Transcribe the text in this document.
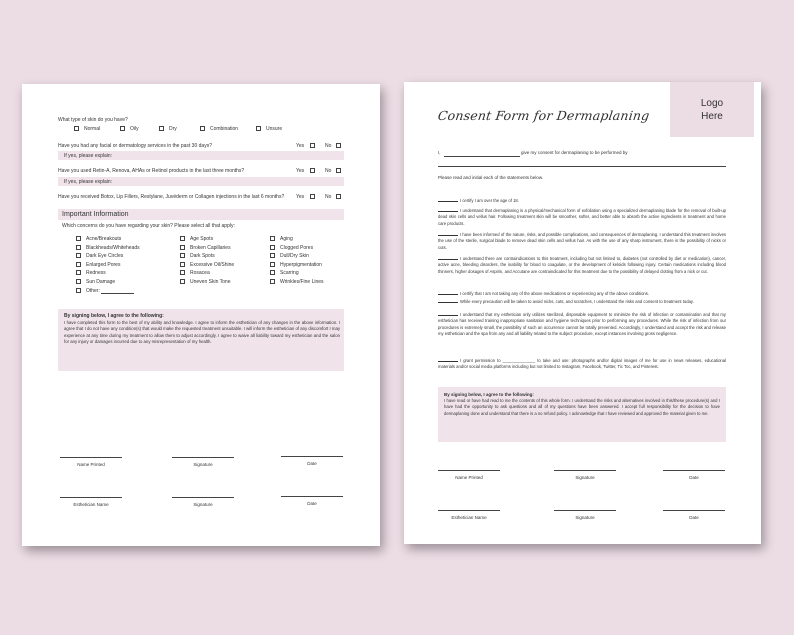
What type of skin do you have?
Normal	Oily	Dry	Combination	Unsure
Have you had any facial or dermatology services in the past 30 days?	Yes	No
If yes, please explain:
Have you used Retin-A, Renova, AHAs or Retinol products in the last three months?	Yes	No
If yes, please explain:
Have you received Botox, Lip Fillers, Restylane, Juvéderm or Collagen injections in the last 6 months? Yes	No
Important Information
Which concerns do you have regarding your skin? Please select all that apply:
Acne/Breakouts
Blackheads/Whiteheads
Dark Eye Circles
Enlarged Pores
Redness
Sun Damage
Other:
Age Spots
Broken Capillaries
Dark Spots
Excessive Oil/Shine
Rosacea
Uneven Skin Tone
Aging
Clogged Pores
Dull/Dry Skin
Hyperpigmentation
Scarring
Wrinkles/Fine Lines
By signing below, I agree to the following:
I have completed this form to the best of my ability and knowledge. I agree to inform the esthetician of any changes in the above information. I agree that I do not have any condition(s) that would make the requested treatment unsuitable. I will inform the esthetician of any discomfort I may experience at any time during my treatment to allow them to adjust accordingly. I agree to waive all liability toward my esthetician and the salon for any injury or damages incurred due to any misrepresentation of my health.
Name Printed	Signature	Date
Esthetician Name	Signature	Date
Consent Form for Dermaplaning
Logo
Here
I,	give my consent for dermaplaning to be performed by
Please read and initial each of the statements below.
I certify I am over the age of 18.
I understand that dermaplaning is a physical/mechanical form of exfoliation using a specialized dermaplaning blade for the removal of built-up dead skin cells and vellus hair. Following treatment skin will be smoother, softer, and better able to absorb the active ingredients in treatment and home care products.
I have been informed of the nature, risks, and possible complications, and consequences of dermaplaning. I understand this treatment involves the use of the sterile, surgical blade to remove dead skin cells and vellus hair. As with the use of any sharp instrument, there is the possibility of nicks or cuts.
I understand there are contraindications to this treatment, including but not limited to, diabetes (not controlled by diet or medication), cancer, active acne, bleeding disorders, the inability for blood to coagulate, or the development of keloids following injury. Certain medications including blood thinners, higher dosages of Aspirin, and Accutane are contraindicated for this treatment due to the possibility of delayed clotting from a nick or cut.
I certify that I am not taking any of the above medications or experiencing any of the above conditions.
While every precaution will be taken to avoid nicks, cuts, and scratches, I understand the risks and consent to treatment today.
I understand that my esthetician only utilizes sterilized, disposable equipment to minimize the risk of infection or contamination and that my esthetician has received training inappropriate sanitation and hygiene techniques prior to performing any procedures. While the risk of infection from our procedures is extremely small, the possibility of such an occurrence cannot be totally prevented. Accordingly, I understand and accept the risk and release my esthetician and the spa from any and all liability related to the subject procedure, except instances involving gross negligence.
I grant permission to ______________ to take and use: photographs and/or digital images of me for use in news releases, educational materials and/or social media platforms including but not limited to Instagram, Facebook, Twitter, Tic Toc, and Pinterest.
By signing below, I agree to the following:
I have read or have had read to me the contents of this whole form. I understand the risks and alternatives involved in this/these procedure(s) and I have had the opportunity to ask questions and all of my questions have been answered. I accept full responsibility for the decision to have dermaplaning done and understand that there is a no refund policy. I acknowledge that I have reviewed and approved the material given to me.
Name Printed	Signature	Date
Esthetician Name	Signature	Date
